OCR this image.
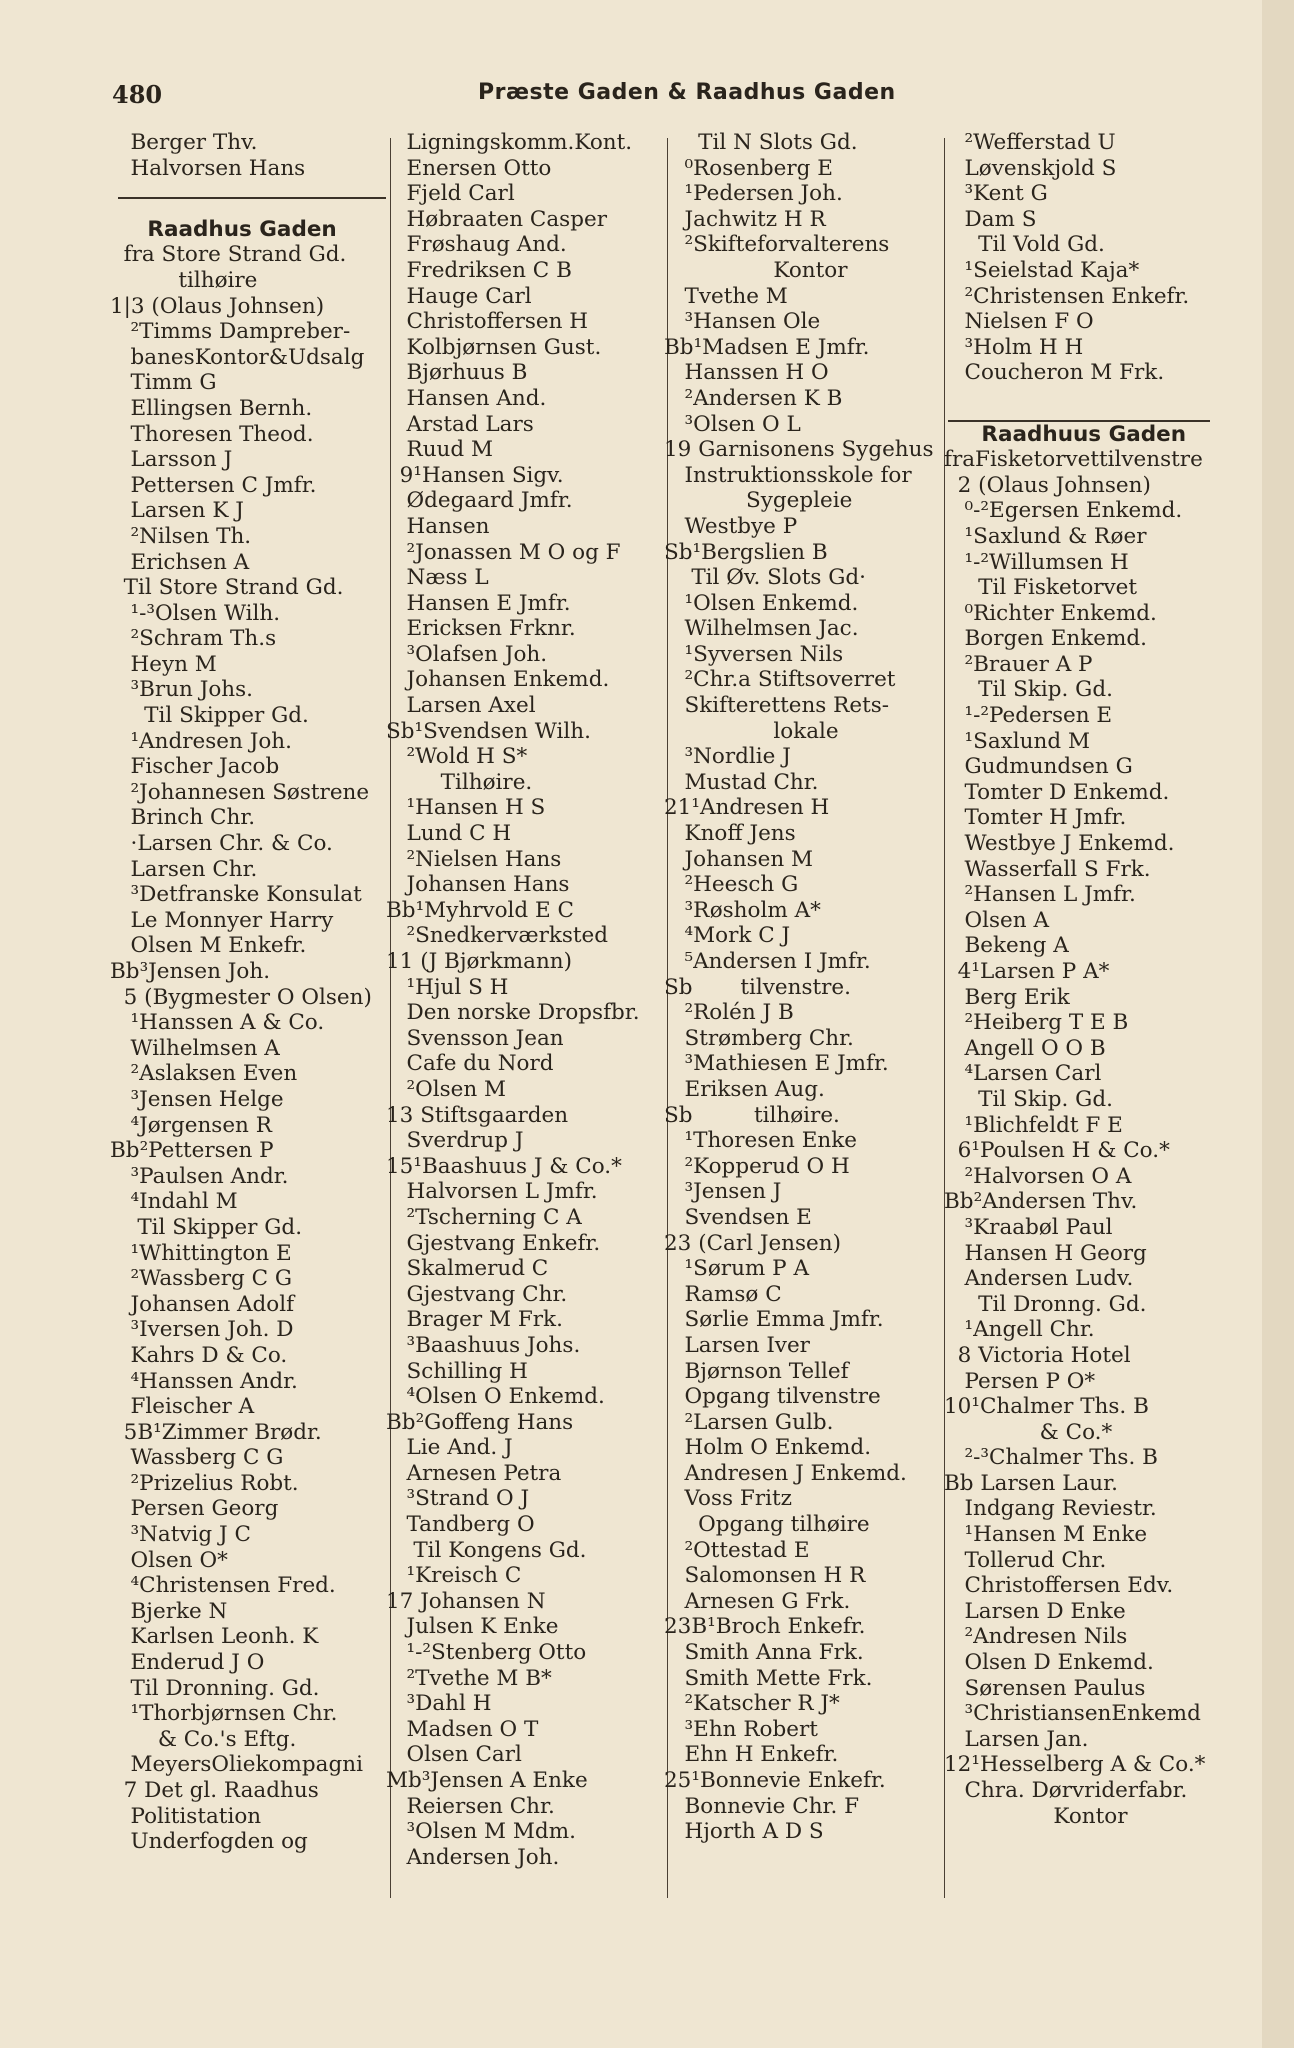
480	Præste Gaden & Raadhus Gaden
Berger Thv.
Halvorsen Hans
Raadhus Gaden
fra Store Strand Gd.
tilhøire
1|3 (Olaus Johnsen)
²Timms Dampreber-
banesKontor&Udsalg
Timm G
Ellingsen Bernh.
Thoresen Theod.
Larsson J
Pettersen C Jmfr.
Larsen K J
²Nilsen Th.
Erichsen A
Til Store Strand Gd.
¹-³Olsen Wilh.
²Schram Th.s
Heyn M
³Brun Johs.
Til Skipper Gd.
¹Andresen Joh.
Fischer Jacob
²Johannesen Søstrene
Brinch Chr.
·Larsen Chr. & Co.
Larsen Chr.
³Detfranske Konsulat
Le Monnyer Harry
Olsen M Enkefr.
Bb³Jensen Joh.
5 (Bygmester O Olsen)
¹Hanssen A & Co.
Wilhelmsen A
²Aslaksen Even
³Jensen Helge
⁴Jørgensen R
Bb²Pettersen P
³Paulsen Andr.
⁴Indahl M
Til Skipper Gd.
¹Whittington E
²Wassberg C G
Johansen Adolf
³Iversen Joh. D
Kahrs D & Co.
⁴Hanssen Andr.
Fleischer A
5B¹Zimmer Brødr.
Wassberg C G
²Prizelius Robt.
Persen Georg
³Natvig J C
Olsen O*
⁴Christensen Fred.
Bjerke N
Karlsen Leonh. K
Enderud J O
Til Dronning. Gd.
¹Thorbjørnsen Chr.
& Co.'s Eftg.
MeyersOliekompagni
7 Det gl. Raadhus
Politistation
Underfogden og
Ligningskomm.Kont.
Enersen Otto
Fjeld Carl
Høbraaten Casper
Frøshaug And.
Fredriksen C B
Hauge Carl
Christoffersen H
Kolbjørnsen Gust.
Bjørhuus B
Hansen And.
Arstad Lars
Ruud M
9¹Hansen Sigv.
Ødegaard Jmfr.
Hansen
²Jonassen M O og F
Næss L
Hansen E Jmfr.
Ericksen Frknr.
³Olafsen Joh.
Johansen Enkemd.
Larsen Axel
Sb¹Svendsen Wilh.
²Wold H S*
Tilhøire.
¹Hansen H S
Lund C H
²Nielsen Hans
Johansen Hans
Bb¹Myhrvold E C
²Snedkerværksted
11 (J Bjørkmann)
¹Hjul S H
Den norske Dropsfbr.
Svensson Jean
Cafe du Nord
²Olsen M
13 Stiftsgaarden
Sverdrup J
15¹Baashuus J & Co.*
Halvorsen L Jmfr.
²Tscherning C A
Gjestvang Enkefr.
Skalmerud C
Gjestvang Chr.
Brager M Frk.
³Baashuus Johs.
Schilling H
⁴Olsen O Enkemd.
Bb²Goffeng Hans
Lie And. J
Arnesen Petra
³Strand O J
Tandberg O
Til Kongens Gd.
¹Kreisch C
17 Johansen N
Julsen K Enke
¹-²Stenberg Otto
²Tvethe M B*
³Dahl H
Madsen O T
Olsen Carl
Mb³Jensen A Enke
Reiersen Chr.
³Olsen M Mdm.
Andersen Joh.
Til N Slots Gd.
⁰Rosenberg E
¹Pedersen Joh.
Jachwitz H R
²Skifteforvalterens
Kontor
Tvethe M
³Hansen Ole
Bb¹Madsen E Jmfr.
Hanssen H O
²Andersen K B
³Olsen O L
19 Garnisonens Sygehus
Instruktionsskole for
Sygepleie
Westbye P
Sb¹Bergslien B
Til Øv. Slots Gd·
¹Olsen Enkemd.
Wilhelmsen Jac.
¹Syversen Nils
²Chr.a Stiftsoverret
Skifterettens Rets-
lokale
³Nordlie J
Mustad Chr.
21¹Andresen H
Knoff Jens
Johansen M
²Heesch G
³Røsholm A*
⁴Mork C J
⁵Andersen I Jmfr.
Sb       tilvenstre.
²Rolén J B
Strømberg Chr.
³Mathiesen E Jmfr.
Eriksen Aug.
Sb         tilhøire.
¹Thoresen Enke
²Kopperud O H
³Jensen J
Svendsen E
23 (Carl Jensen)
¹Sørum P A
Ramsø C
Sørlie Emma Jmfr.
Larsen Iver
Bjørnson Tellef
Opgang tilvenstre
²Larsen Gulb.
Holm O Enkemd.
Andresen J Enkemd.
Voss Fritz
Opgang tilhøire
²Ottestad E
Salomonsen H R
Arnesen G Frk.
23B¹Broch Enkefr.
Smith Anna Frk.
Smith Mette Frk.
²Katscher R J*
³Ehn Robert
Ehn H Enkefr.
25¹Bonnevie Enkefr.
Bonnevie Chr. F
Hjorth A D S
²Wefferstad U
Løvenskjold S
³Kent G
Dam S
Til Vold Gd.
¹Seielstad Kaja*
²Christensen Enkefr.
Nielsen F O
³Holm H H
Coucheron M Frk.
Raadhuus Gaden
fraFisketorvettilvenstre
2 (Olaus Johnsen)
⁰-²Egersen Enkemd.
¹Saxlund & Røer
¹-²Willumsen H
Til Fisketorvet
⁰Richter Enkemd.
Borgen Enkemd.
²Brauer A P
Til Skip. Gd.
¹-²Pedersen E
¹Saxlund M
Gudmundsen G
Tomter D Enkemd.
Tomter H Jmfr.
Westbye J Enkemd.
Wasserfall S Frk.
²Hansen L Jmfr.
Olsen A
Bekeng A
4¹Larsen P A*
Berg Erik
²Heiberg T E B
Angell O O B
⁴Larsen Carl
Til Skip. Gd.
¹Blichfeldt F E
6¹Poulsen H & Co.*
²Halvorsen O A
Bb²Andersen Thv.
³Kraabøl Paul
Hansen H Georg
Andersen Ludv.
Til Dronng. Gd.
¹Angell Chr.
8 Victoria Hotel
Persen P O*
10¹Chalmer Ths. B
& Co.*
²-³Chalmer Ths. B
Bb Larsen Laur.
Indgang Reviestr.
¹Hansen M Enke
Tollerud Chr.
Christoffersen Edv.
Larsen D Enke
²Andresen Nils
Olsen D Enkemd.
Sørensen Paulus
³ChristiansenEnkemd
Larsen Jan.
12¹Hesselberg A & Co.*
Chra. Dørvriderfabr.
Kontor
